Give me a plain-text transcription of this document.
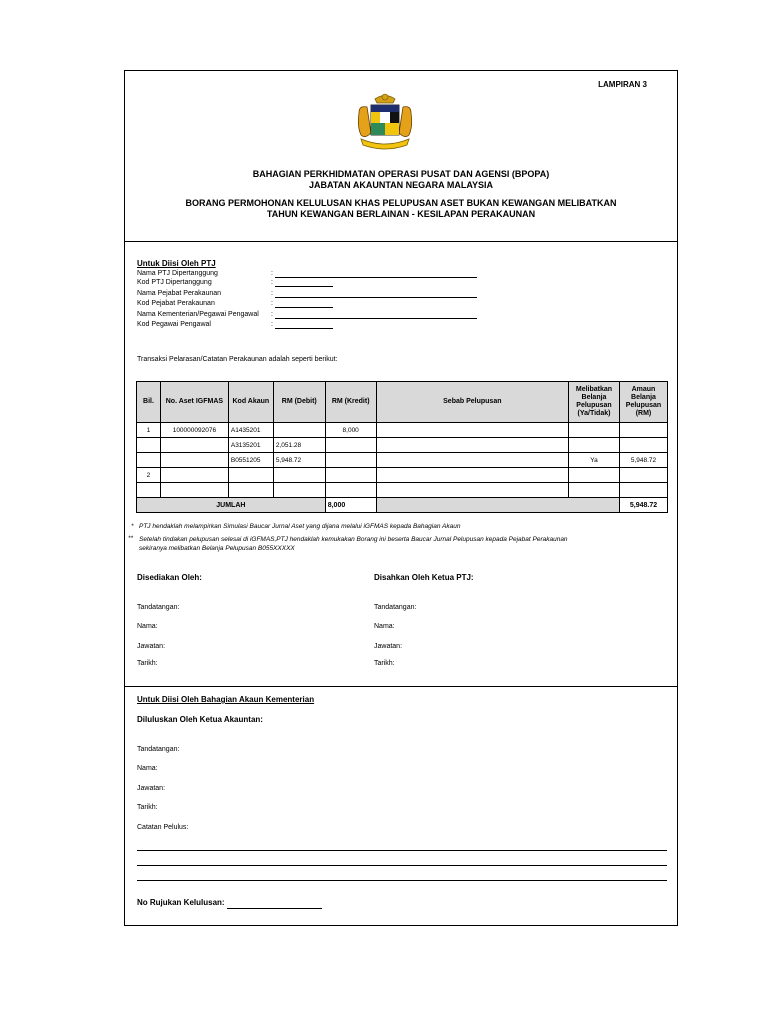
LAMPIRAN 3
BAHAGIAN PERKHIDMATAN OPERASI PUSAT DAN AGENSI (BPOPA)
JABATAN AKAUNTAN NEGARA MALAYSIA
BORANG PERMOHONAN KELULUSAN KHAS PELUPUSAN ASET BUKAN KEWANGAN MELIBATKAN
TAHUN KEWANGAN BERLAINAN - KESILAPAN PERAKAUNAN
Untuk Diisi Oleh PTJ
Nama PTJ Dipertanggung	:
Kod PTJ Dipertanggung	:
Nama Pejabat Perakaunan	:
Kod Pejabat Perakaunan	:
Nama Kementerian/Pegawai Pengawal :
Kod Pegawai Pengawal	:
Transaksi Pelarasan/Catatan Perakaunan adalah seperti berikut:
Bil.	No. Aset IGFMAS	Kod Akaun	RM (Debit)	RM (Kredit)	Sebab Pelupusan	Melibatkan Belanja Pelupusan (Ya/Tidak)	Amaun Belanja Pelupusan (RM)
1	100000092076	A1435201		8,000			
		A3135201	2,051.28				
		B0551205	5,948.72			Ya	5,948.72
2							

JUMLAH				8,000			5,948.72
* PTJ hendaklah melampirkan Simulasi Baucar Jurnal Aset yang dijana melalui iGFMAS kepada Bahagian Akaun
** Setelah tindakan pelupusan selesai di iGFMAS,PTJ hendaklah kemukakan Borang ini beserta Baucar Jurnal Pelupusan kepada Pejabat Perakaunan
sekiranya melibatkan Belanja Pelupusan B055XXXXX
Disediakan Oleh:	Disahkan Oleh Ketua PTJ:
Tandatangan:
Nama:
Jawatan:
Tarikh:
Tandatangan:
Nama:
Jawatan:
Tarikh:
Untuk Diisi Oleh Bahagian Akaun Kementerian
Diluluskan Oleh Ketua Akauntan:
Tandatangan:
Nama:
Jawatan:
Tarikh:
Catatan Pelulus:
No Rujukan Kelulusan:
